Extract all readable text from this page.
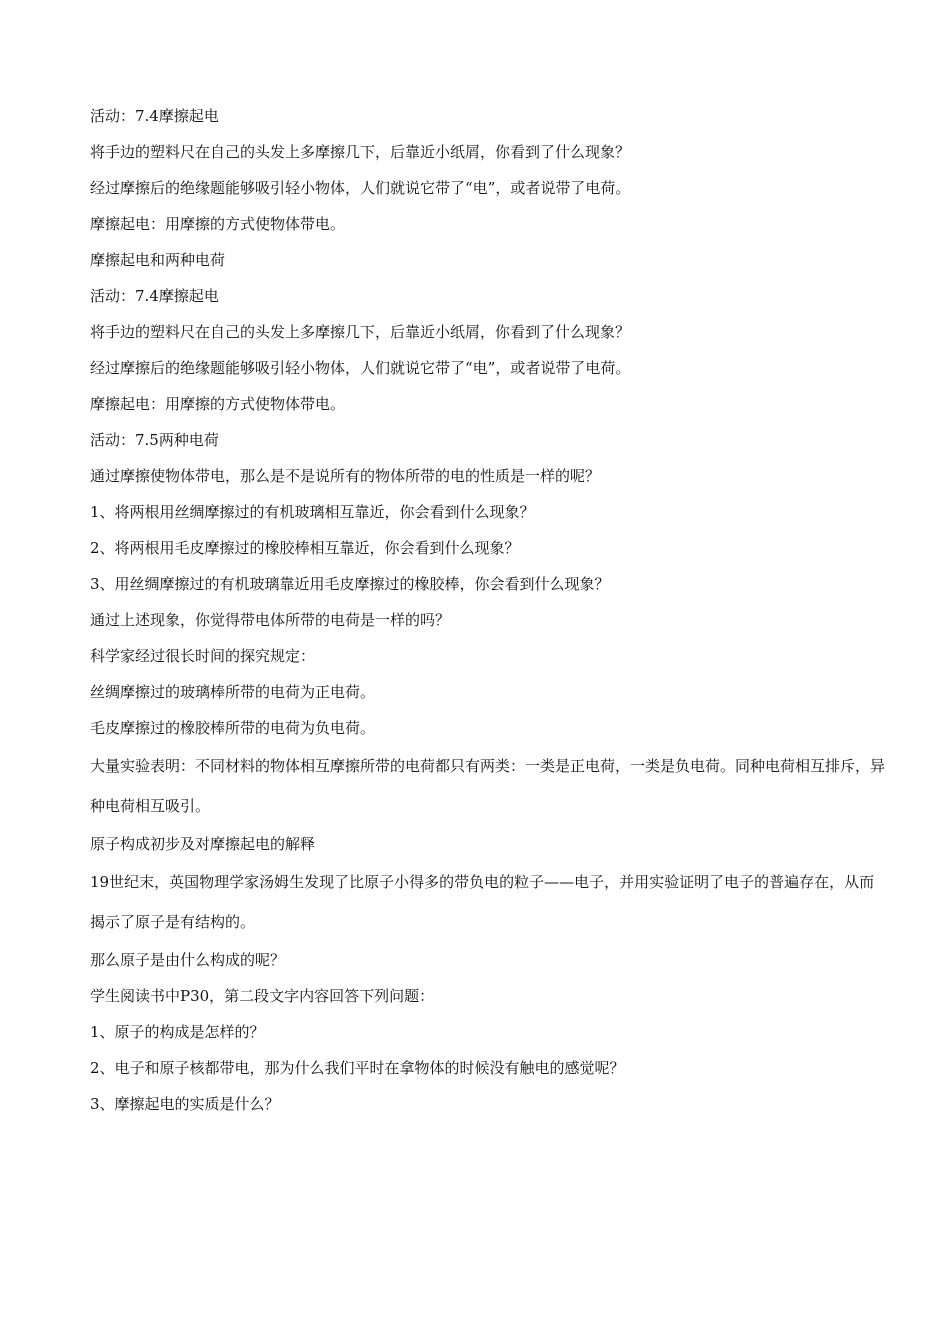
活动：7.4摩擦起电
将手边的塑料尺在自己的头发上多摩擦几下，后靠近小纸屑，你看到了什么现象？
经过摩擦后的绝缘题能够吸引轻小物体，人们就说它带了“电”，或者说带了电荷。
摩擦起电：用摩擦的方式使物体带电。
摩擦起电和两种电荷
活动：7.4摩擦起电
将手边的塑料尺在自己的头发上多摩擦几下，后靠近小纸屑，你看到了什么现象？
经过摩擦后的绝缘题能够吸引轻小物体，人们就说它带了“电”，或者说带了电荷。
摩擦起电：用摩擦的方式使物体带电。
活动：7.5两种电荷
通过摩擦使物体带电，那么是不是说所有的物体所带的电的性质是一样的呢？
1、将两根用丝绸摩擦过的有机玻璃相互靠近，你会看到什么现象？
2、将两根用毛皮摩擦过的橡胶棒相互靠近，你会看到什么现象？
3、用丝绸摩擦过的有机玻璃靠近用毛皮摩擦过的橡胶棒，你会看到什么现象？
通过上述现象，你觉得带电体所带的电荷是一样的吗？
科学家经过很长时间的探究规定：
丝绸摩擦过的玻璃棒所带的电荷为正电荷。
毛皮摩擦过的橡胶棒所带的电荷为负电荷。

大量实验表明：不同材料的物体相互摩擦所带的电荷都只有两类：一类是正电荷，一类是负电荷。同种电荷相互排斥，异种电荷相互吸引。

原子构成初步及对摩擦起电的解释

19世纪末，英国物理学家汤姆生发现了比原子小得多的带负电的粒子——电子，并用实验证明了电子的普遍存在，从而揭示了原子是有结构的。

那么原子是由什么构成的呢？
学生阅读书中P30，第二段文字内容回答下列问题：
1、原子的构成是怎样的？
2、电子和原子核都带电，那为什么我们平时在拿物体的时候没有触电的感觉呢？
3、摩擦起电的实质是什么？
